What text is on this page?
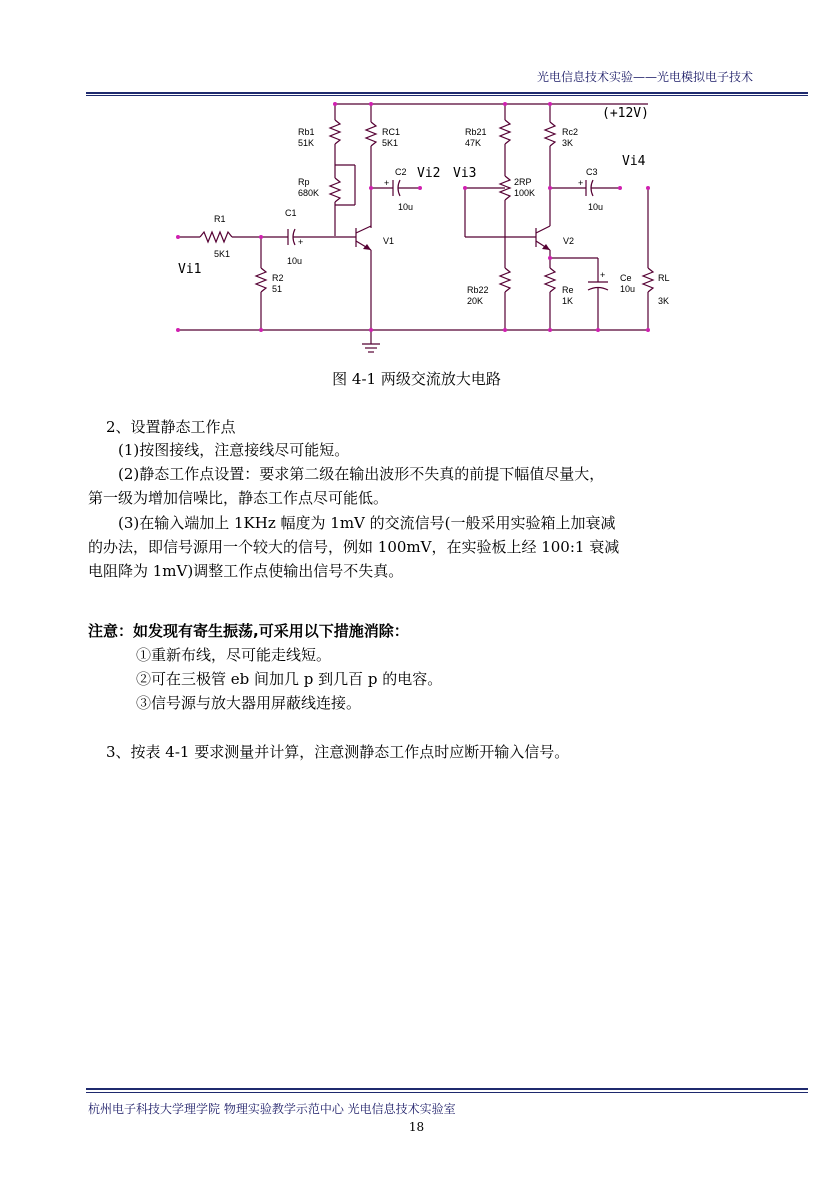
光电信息技术实验——光电模拟电子技术
(+12V)
Rb1
51K
RC1
5K1
Rb21
47K
Rc2
3K
Rp
680K
C2
10u
+
Vi2 Vi3
2RP
100K
C3
10u
+
Vi4
R1
5K1
C1
10u
+	V1	V2
Vi1
R2
51	Rb22
20K
Re
1K
+ Ce
10u
RL
3K
图 4-1 两级交流放大电路
2、设置静态工作点
(1)按图接线，注意接线尽可能短。
(2)静态工作点设置：要求第二级在输出波形不失真的前提下幅值尽量大，
第一级为增加信噪比，静态工作点尽可能低。
(3)在输入端加上 1KHz 幅度为 1mV 的交流信号(一般采用实验箱上加衰减
的办法，即信号源用一个较大的信号，例如 100mV，在实验板上经 100:1 衰减
电阻降为 1mV)调整工作点使输出信号不失真。
注意：如发现有寄生振荡,可采用以下措施消除：
①重新布线，尽可能走线短。
②可在三极管 eb 间加几 p 到几百 p 的电容。
③信号源与放大器用屏蔽线连接。
3、按表 4-1 要求测量并计算，注意测静态工作点时应断开输入信号。
杭州电子科技大学理学院 物理实验教学示范中心 光电信息技术实验室
18
